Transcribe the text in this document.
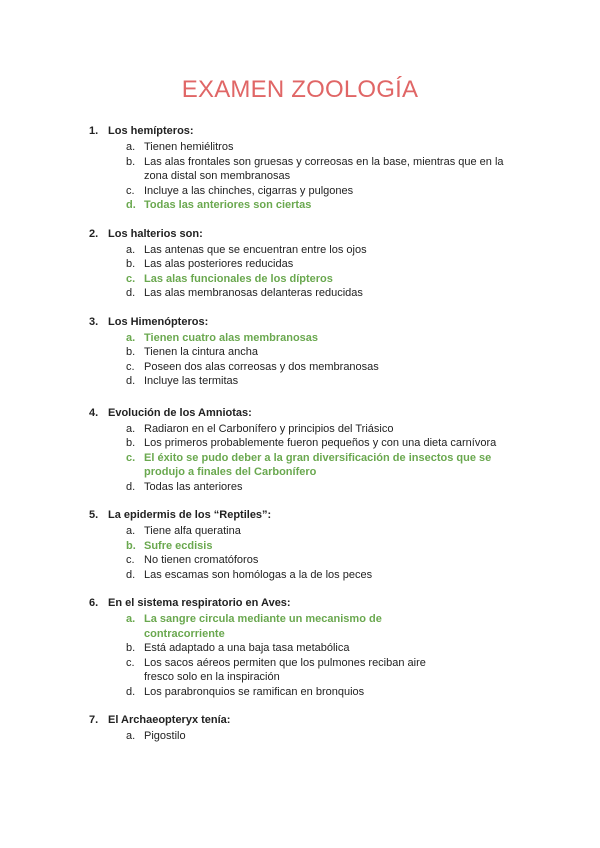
EXAMEN ZOOLOGÍA
1. Los hemípteros:
a. Tienen hemiélitros
b. Las alas frontales son gruesas y correosas en la base, mientras que en la zona distal son membranosas
c. Incluye a las chinches, cigarras y pulgones
d. Todas las anteriores son ciertas
2. Los halterios son:
a. Las antenas que se encuentran entre los ojos
b. Las alas posteriores reducidas
c. Las alas funcionales de los dípteros
d. Las alas membranosas delanteras reducidas
3. Los Himenópteros:
a. Tienen cuatro alas membranosas
b. Tienen la cintura ancha
c. Poseen dos alas correosas y dos membranosas
d. Incluye las termitas
4. Evolución de los Amniotas:
a. Radiaron en el Carbonífero y principios del Triásico
b. Los primeros probablemente fueron pequeños y con una dieta carnívora
c. El éxito se pudo deber a la gran diversificación de insectos que se produjo a finales del Carbonífero
d. Todas las anteriores
5. La epidermis de los “Reptiles”:
a. Tiene alfa queratina
b. Sufre ecdisis
c. No tienen cromatóforos
d. Las escamas son homólogas a la de los peces
6. En el sistema respiratorio en Aves:
a. La sangre circula mediante un mecanismo de contracorriente
b. Está adaptado a una baja tasa metabólica
c. Los sacos aéreos permiten que los pulmones reciban aire fresco solo en la inspiración
d. Los parabronquios se ramifican en bronquios
7. El Archaeopteryx tenía:
a. Pigostilo
